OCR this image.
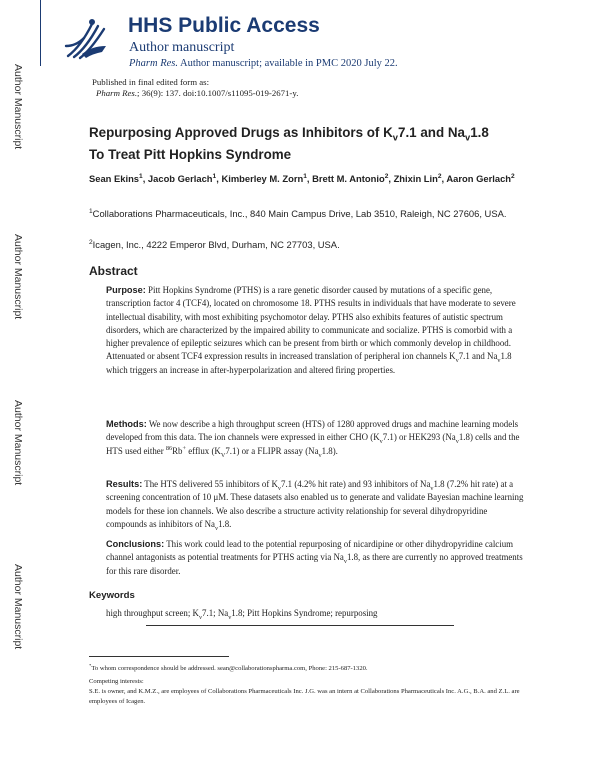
Author Manuscript
Author Manuscript
Author Manuscript
Author Manuscript
HHS Public Access
Author manuscript
Pharm Res. Author manuscript; available in PMC 2020 July 22.
Published in final edited form as:
Pharm Res.; 36(9): 137. doi:10.1007/s11095-019-2671-y.
Repurposing Approved Drugs as Inhibitors of $K_v7.1$ and $Na_v1.8$
To Treat Pitt Hopkins Syndrome
Sean Ekins$^1$, Jacob Gerlach$^1$, Kimberley M. Zorn$^1$, Brett M. Antonio$^2$, Zhixin Lin$^2$, Aaron Gerlach$^2$
$^1$Collaborations Pharmaceuticals, Inc., 840 Main Campus Drive, Lab 3510, Raleigh, NC 27606, USA.
$^2$Icagen, Inc., 4222 Emperor Blvd, Durham, NC 27703, USA.
Abstract
Purpose: Pitt Hopkins Syndrome (PTHS) is a rare genetic disorder caused by mutations of a specific gene, transcription factor 4 (TCF4), located on chromosome 18. PTHS results in individuals that have moderate to severe intellectual disability, with most exhibiting psychomotor delay. PTHS also exhibits features of autistic spectrum disorders, which are characterized by the impaired ability to communicate and socialize. PTHS is comorbid with a higher prevalence of epileptic seizures which can be present from birth or which commonly develop in childhood. Attenuated or absent TCF4 expression results in increased translation of peripheral ion channels $K_v7.1$ and $Na_v1.8$ which triggers an increase in after-hyperpolarization and altered firing properties.
Methods: We now describe a high throughput screen (HTS) of 1280 approved drugs and machine learning models developed from this data. The ion channels were expressed in either CHO $(K_v7.1)$ or HEK293 $(Na_v1.8)$ cells and the HTS used either $^{86}$Rb+ efflux $(K_V7.1)$ or a FLIPR assay $(Na_v1.8)$.
Results: The HTS delivered 55 inhibitors of $K_v7.1$ (4.2% hit rate) and 93 inhibitors of $Na_v1.8$ (7.2% hit rate) at a screening concentration of 10 μM. These datasets also enabled us to generate and validate Bayesian machine learning models for these ion channels. We also describe a structure activity relationship for several dihydropyridine compounds as inhibitors of $Na_v1.8$.
Conclusions: This work could lead to the potential repurposing of nicardipine or other dihydropyridine calcium channel antagonists as potential treatments for PTHS acting via $Na_v1.8$, as there are currently no approved treatments for this rare disorder.
Keywords
high throughput screen; $K_v7.1$; $Na_v1.8$; Pitt Hopkins Syndrome; repurposing
*To whom correspondence should be addressed. sean@collaborationspharma.com, Phone: 215-687-1320.
Competing interests:
S.E. is owner, and K.M.Z., are employees of Collaborations Pharmaceuticals Inc. J.G. was an intern at Collaborations Pharmaceuticals Inc. A.G., B.A. and Z.L. are employees of Icagen.
